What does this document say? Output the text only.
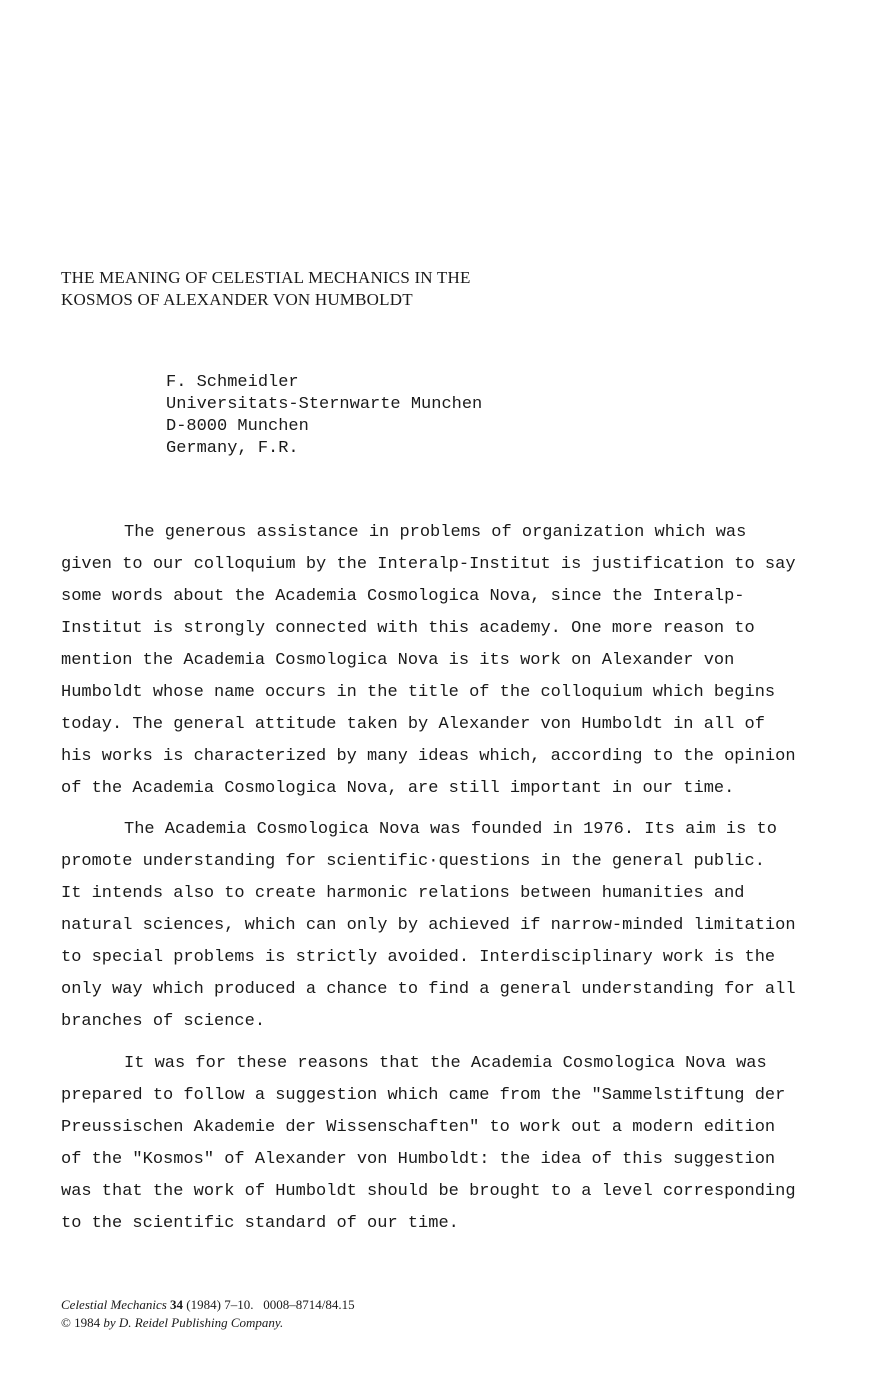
THE MEANING OF CELESTIAL MECHANICS IN THE
KOSMOS OF ALEXANDER VON HUMBOLDT
F. Schmeidler
Universitats-Sternwarte Munchen
D-8000 Munchen
Germany, F.R.
The generous assistance in problems of organization which was
given to our colloquium by the Interalp-Institut is justification to say
some words about the Academia Cosmologica Nova, since the Interalp-
Institut is strongly connected with this academy. One more reason to
mention the Academia Cosmologica Nova is its work on Alexander von
Humboldt whose name occurs in the title of the colloquium which begins
today. The general attitude taken by Alexander von Humboldt in all of
his works is characterized by many ideas which, according to the opinion
of the Academia Cosmologica Nova, are still important in our time.
The Academia Cosmologica Nova was founded in 1976. Its aim is to
promote understanding for scientific·questions in the general public.
It intends also to create harmonic relations between humanities and
natural sciences, which can only by achieved if narrow-minded limitation
to special problems is strictly avoided. Interdisciplinary work is the
only way which produced a chance to find a general understanding for all
branches of science.
It was for these reasons that the Academia Cosmologica Nova was
prepared to follow a suggestion which came from the "Sammelstiftung der
Preussischen Akademie der Wissenschaften" to work out a modern edition
of the "Kosmos" of Alexander von Humboldt: the idea of this suggestion
was that the work of Humboldt should be brought to a level corresponding
to the scientific standard of our time.
Celestial Mechanics 34 (1984) 7–10. 0008–8714/84.15
© 1984 by D. Reidel Publishing Company.
